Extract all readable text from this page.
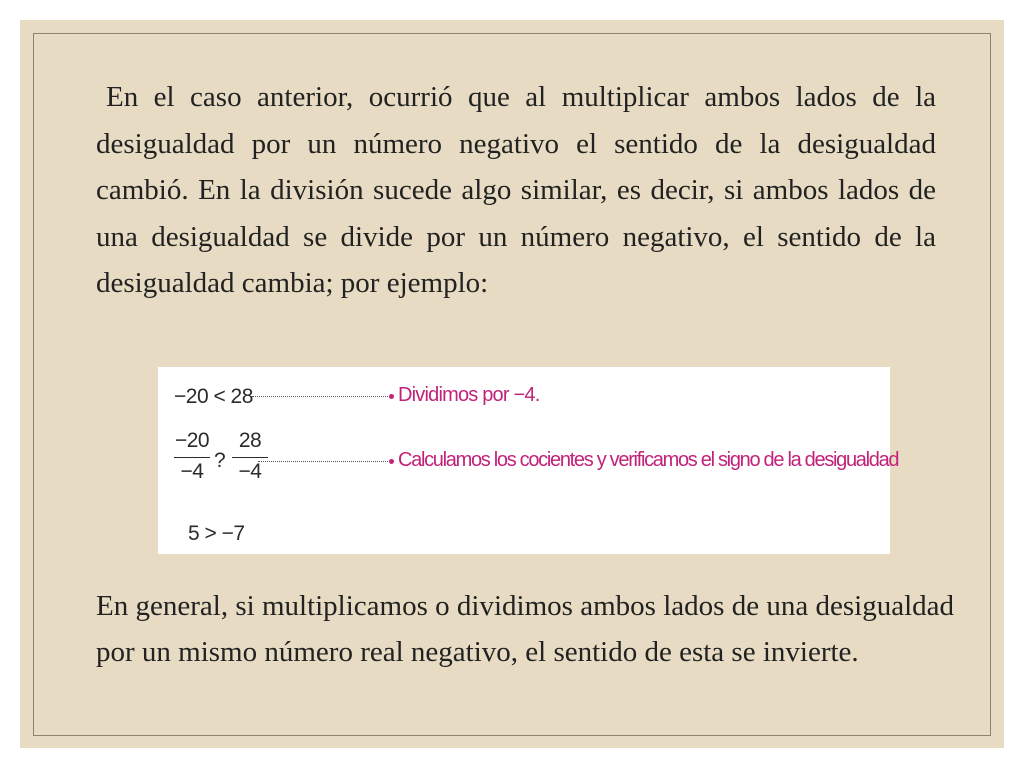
En el caso anterior, ocurrió que al multiplicar ambos lados de la desigualdad por un número negativo el sentido de la desigualdad cambió. En la división sucede algo similar, es decir, si ambos lados de una desigualdad se divide por un número negativo, el sentido de la desigualdad cambia; por ejemplo:

−20 < 28	Dividimos por −4.
−20
−4 ?
28
−4	Calculamos los cocientes y verificamos el signo de la desigualdad
5 > −7

En general, si multiplicamos o dividimos ambos lados de una desigualdad por un mismo número real negativo, el sentido de esta se invierte.
